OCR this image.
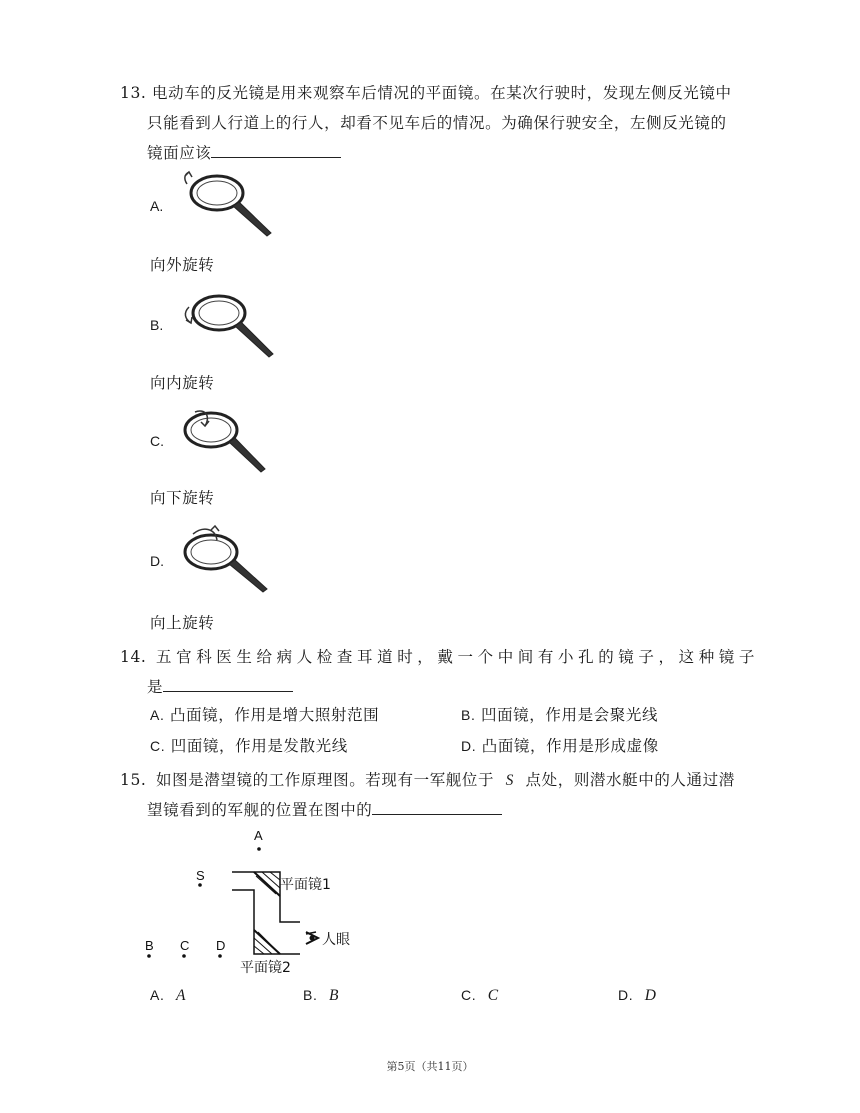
13. 电动车的反光镜是用来观察车后情况的平面镜。在某次行驶时，发现左侧反光镜中
只能看到人行道上的行人，却看不见车后的情况。为确保行驶安全，左侧反光镜的
镜面应该
A.
向外旋转
B.
向内旋转
C.
向下旋转
D.
向上旋转
14. 五官科医生给病人检查耳道时，戴一个中间有小孔的镜子，这种镜子
是
A. 凸面镜，作用是增大照射范围	B. 凹面镜，作用是会聚光线
C. 凹面镜，作用是发散光线	D. 凸面镜，作用是形成虚像
15. 如图是潜望镜的工作原理图。若现有一军舰位于 S 点处，则潜水艇中的人通过潜
望镜看到的军舰的位置在图中的
A
S
平面镜1
平面镜2
人眼
B C D
A. A	B. B	C. C	D. D
第5页（共11页）
